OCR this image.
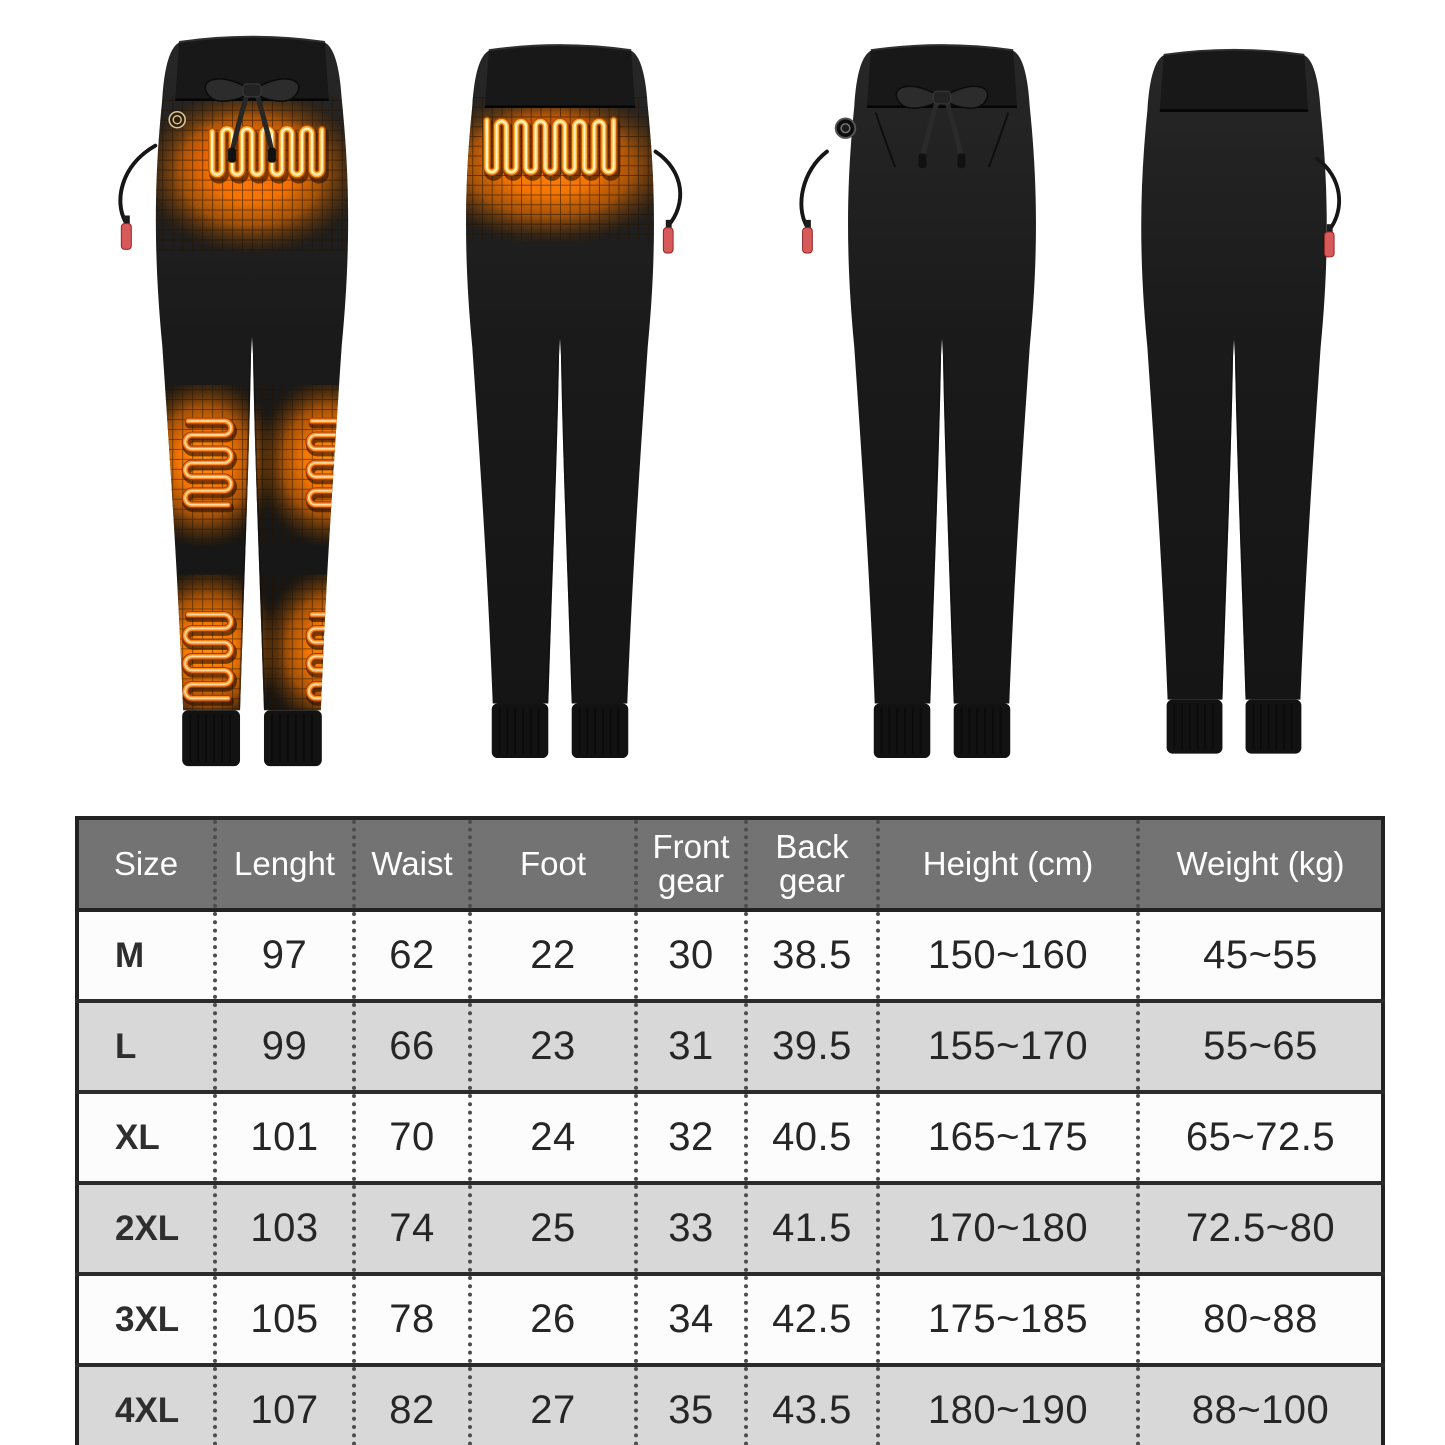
Size	Lenght	Waist	Foot	Front gear	Back gear	Height (cm)	Weight (kg)
M	97	62	22	30	38.5	150~160	45~55
L	99	66	23	31	39.5	155~170	55~65
XL	101	70	24	32	40.5	165~175	65~72.5
2XL	103	74	25	33	41.5	170~180	72.5~80
3XL	105	78	26	34	42.5	175~185	80~88
4XL	107	82	27	35	43.5	180~190	88~100
